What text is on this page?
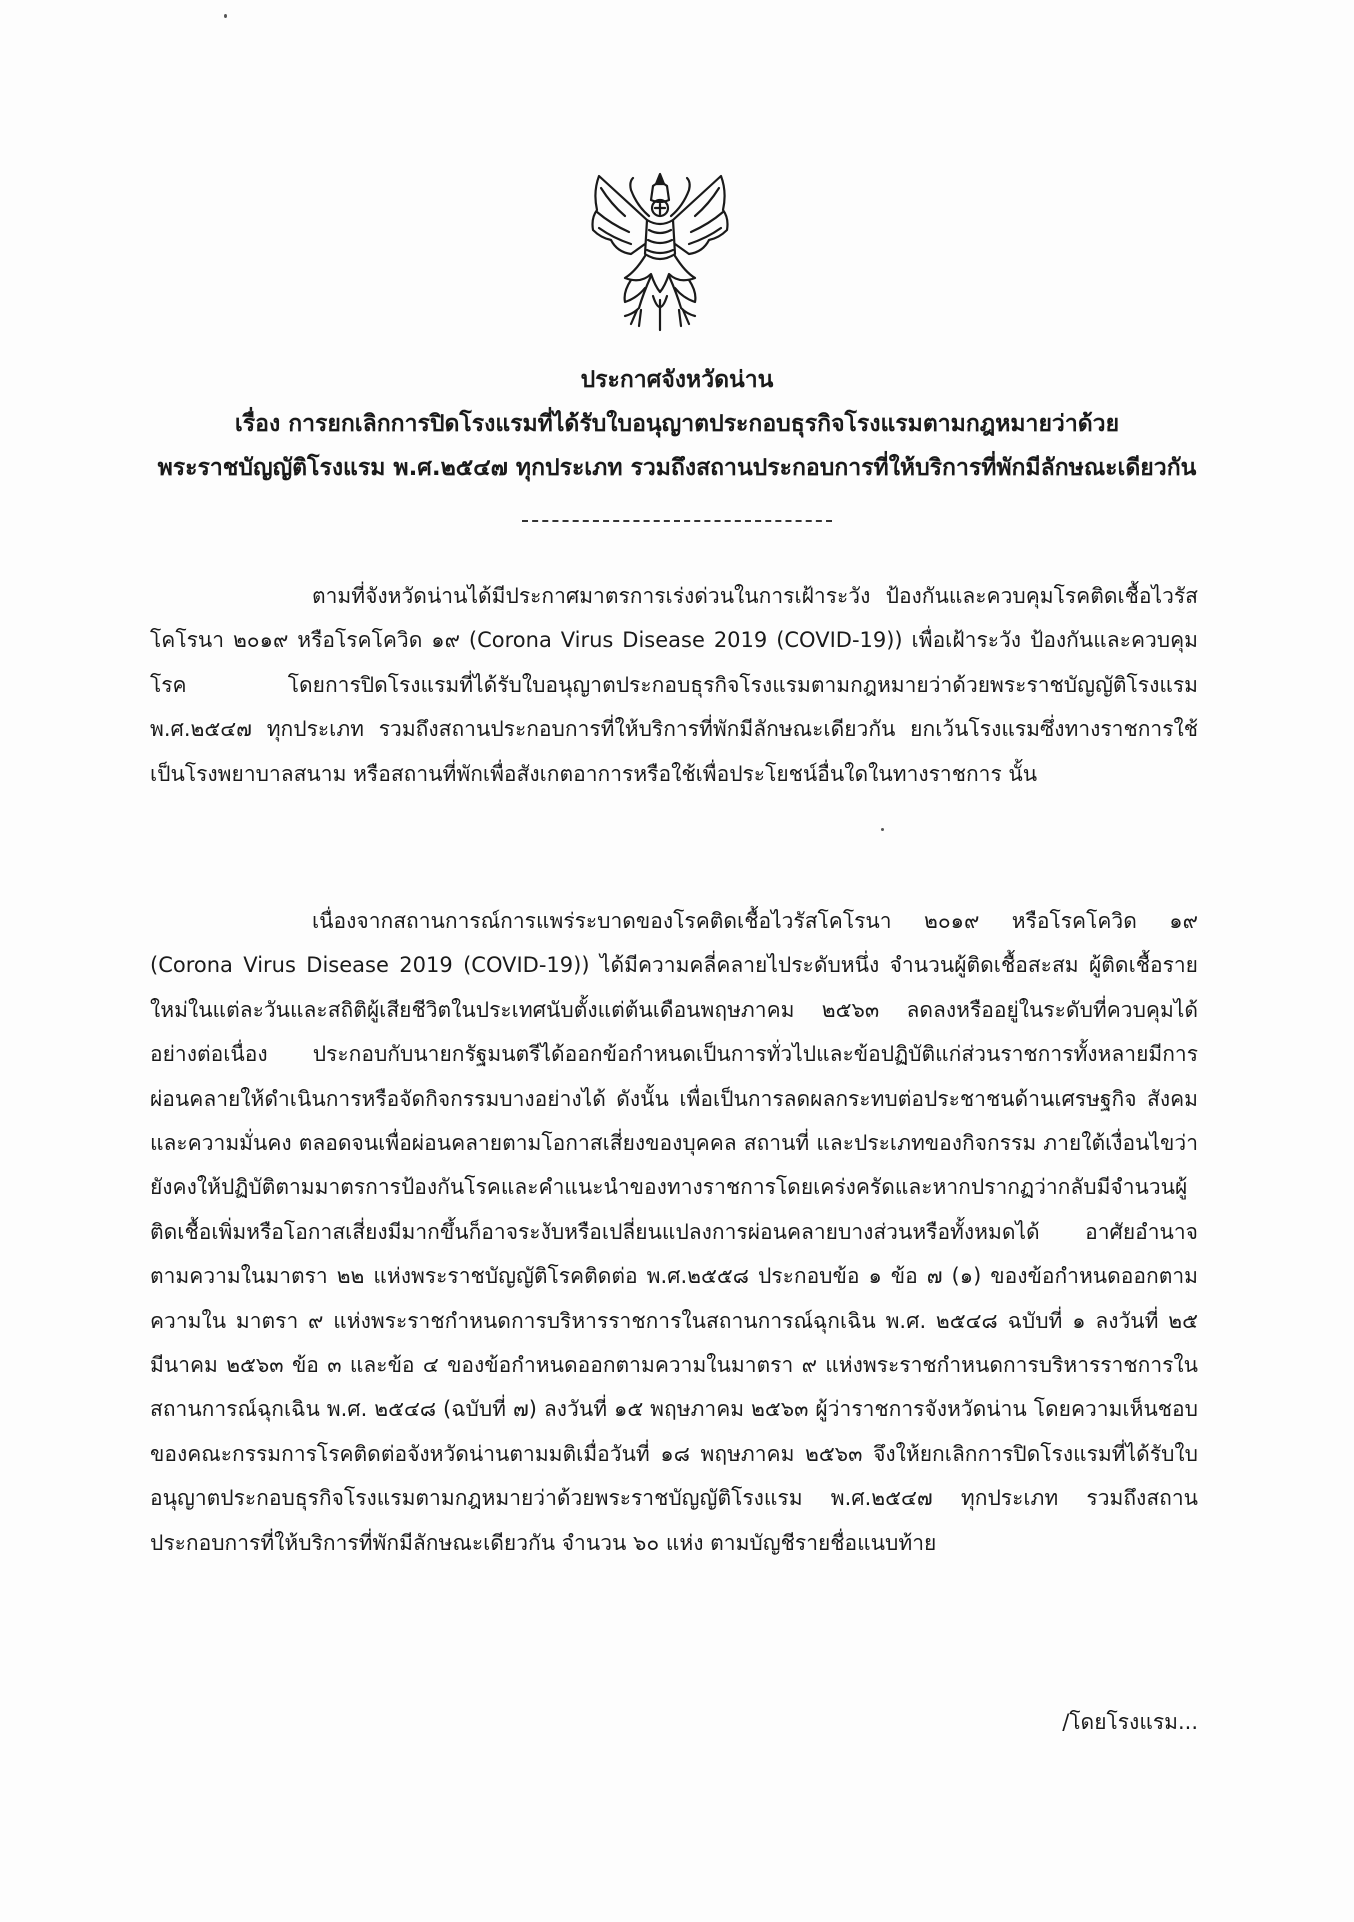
ประกาศจังหวัดน่าน
เรื่อง การยกเลิกการปิดโรงแรมที่ได้รับใบอนุญาตประกอบธุรกิจโรงแรมตามกฎหมายว่าด้วย
พระราชบัญญัติโรงแรม พ.ศ.๒๕๔๗ ทุกประเภท รวมถึงสถานประกอบการที่ให้บริการที่พักมีลักษณะเดียวกัน

ตามที่จังหวัดน่านได้มีประกาศมาตรการเร่งด่วนในการเฝ้าระวัง ป้องกันและควบคุมโรคติดเชื้อไวรัสโคโรนา ๒๐๑๙ หรือโรคโควิด ๑๙ (Corona Virus Disease 2019 (COVID-19)) เพื่อเฝ้าระวัง ป้องกันและควบคุมโรค โดยการปิดโรงแรมที่ได้รับใบอนุญาตประกอบธุรกิจโรงแรมตามกฎหมายว่าด้วยพระราชบัญญัติโรงแรม พ.ศ.๒๕๔๗ ทุกประเภท รวมถึงสถานประกอบการที่ให้บริการที่พักมีลักษณะเดียวกัน ยกเว้นโรงแรมซึ่งทางราชการใช้เป็นโรงพยาบาลสนาม หรือสถานที่พักเพื่อสังเกตอาการหรือใช้เพื่อประโยชน์อื่นใดในทางราชการ นั้น

เนื่องจากสถานการณ์การแพร่ระบาดของโรคติดเชื้อไวรัสโคโรนา ๒๐๑๙ หรือโรคโควิด ๑๙ (Corona Virus Disease 2019 (COVID-19)) ได้มีความคลี่คลายไประดับหนึ่ง จำนวนผู้ติดเชื้อสะสม ผู้ติดเชื้อรายใหม่ในแต่ละวันและสถิติผู้เสียชีวิตในประเทศนับตั้งแต่ต้นเดือนพฤษภาคม ๒๕๖๓ ลดลงหรืออยู่ในระดับที่ควบคุมได้อย่างต่อเนื่อง ประกอบกับนายกรัฐมนตรีได้ออกข้อกำหนดเป็นการทั่วไปและข้อปฏิบัติแก่ส่วนราชการทั้งหลายมีการผ่อนคลายให้ดำเนินการหรือจัดกิจกรรมบางอย่างได้ ดังนั้น เพื่อเป็นการลดผลกระทบต่อประชาชนด้านเศรษฐกิจ สังคม และความมั่นคง ตลอดจนเพื่อผ่อนคลายตามโอกาสเสี่ยงของบุคคล สถานที่ และประเภทของกิจกรรม ภายใต้เงื่อนไขว่ายังคงให้ปฏิบัติตามมาตรการป้องกันโรคและคำแนะนำของทางราชการโดยเคร่งครัดและหากปรากฏว่ากลับมีจำนวนผู้ติดเชื้อเพิ่มหรือโอกาสเสี่ยงมีมากขึ้นก็อาจระงับหรือเปลี่ยนแปลงการผ่อนคลายบางส่วนหรือทั้งหมดได้ อาศัยอำนาจตามความในมาตรา ๒๒ แห่งพระราชบัญญัติโรคติดต่อ พ.ศ.๒๕๕๘ ประกอบข้อ ๑ ข้อ ๗ (๑) ของข้อกำหนดออกตามความใน มาตรา ๙ แห่งพระราชกำหนดการบริหารราชการในสถานการณ์ฉุกเฉิน พ.ศ. ๒๕๔๘ ฉบับที่ ๑ ลงวันที่ ๒๕ มีนาคม ๒๕๖๓ ข้อ ๓ และข้อ ๔ ของข้อกำหนดออกตามความในมาตรา ๙ แห่งพระราชกำหนดการบริหารราชการในสถานการณ์ฉุกเฉิน พ.ศ. ๒๕๔๘ (ฉบับที่ ๗) ลงวันที่ ๑๕ พฤษภาคม ๒๕๖๓ ผู้ว่าราชการจังหวัดน่าน โดยความเห็นชอบของคณะกรรมการโรคติดต่อจังหวัดน่านตามมติเมื่อวันที่ ๑๘ พฤษภาคม ๒๕๖๓ จึงให้ยกเลิกการปิดโรงแรมที่ได้รับใบอนุญาตประกอบธุรกิจโรงแรมตามกฎหมายว่าด้วยพระราชบัญญัติโรงแรม พ.ศ.๒๕๔๗ ทุกประเภท รวมถึงสถานประกอบการที่ให้บริการที่พักมีลักษณะเดียวกัน จำนวน ๖๐ แห่ง ตามบัญชีรายชื่อแนบท้าย

/โดยโรงแรม...
